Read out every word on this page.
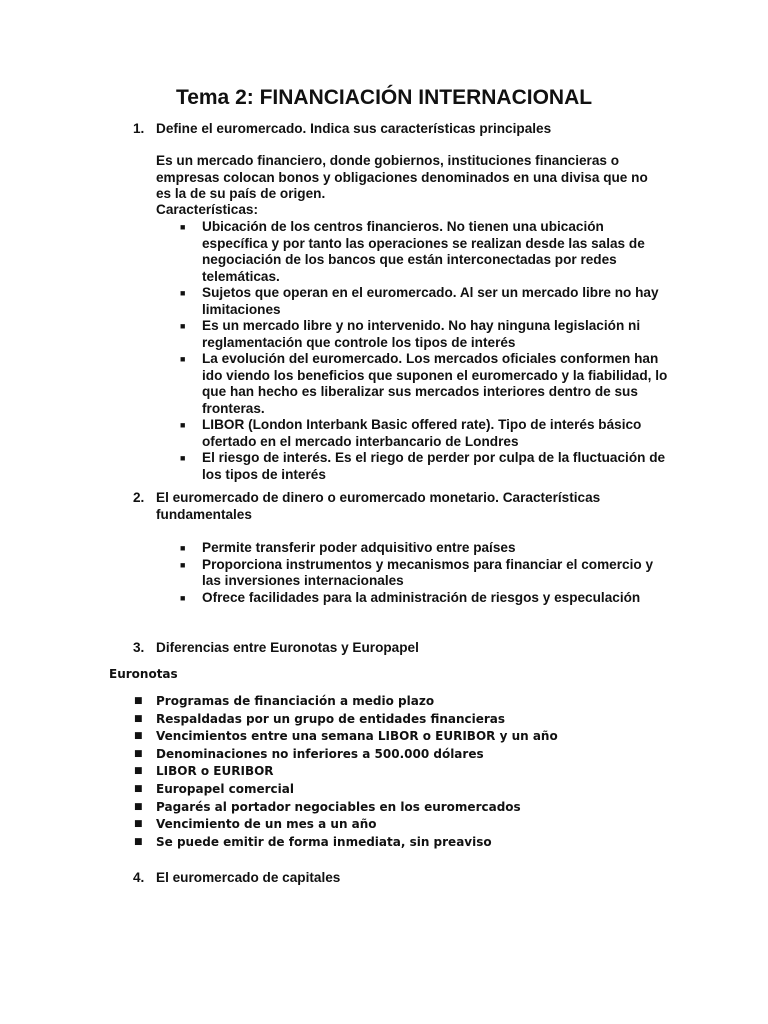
Tema 2: FINANCIACIÓN INTERNACIONAL
1. Define el euromercado. Indica sus características principales
Es un mercado financiero, donde gobiernos, instituciones financieras o empresas colocan bonos y obligaciones denominados en una divisa que no es la de su país de origen.
Características:
■ Ubicación de los centros financieros. No tienen una ubicación específica y por tanto las operaciones se realizan desde las salas de negociación de los bancos que están interconectadas por redes telemáticas.
■ Sujetos que operan en el euromercado. Al ser un mercado libre no hay limitaciones
■ Es un mercado libre y no intervenido. No hay ninguna legislación ni reglamentación que controle los tipos de interés
■ La evolución del euromercado. Los mercados oficiales conformen han ido viendo los beneficios que suponen el euromercado y la fiabilidad, lo que han hecho es liberalizar sus mercados interiores dentro de sus fronteras.
■ LIBOR (London Interbank Basic offered rate). Tipo de interés básico ofertado en el mercado interbancario de Londres
■ El riesgo de interés. Es el riego de perder por culpa de la fluctuación de los tipos de interés
2. El euromercado de dinero o euromercado monetario. Características fundamentales
■ Permite transferir poder adquisitivo entre países
■ Proporciona instrumentos y mecanismos para financiar el comercio y las inversiones internacionales
■ Ofrece facilidades para la administración de riesgos y especulación
3. Diferencias entre Euronotas y Europapel
Euronotas
■ Programas de financiación a medio plazo
■ Respaldadas por un grupo de entidades financieras
■ Vencimientos entre una semana LIBOR o EURIBOR y un año
■ Denominaciones no inferiores a 500.000 dólares
■ LIBOR o EURIBOR
■ Europapel comercial
■ Pagarés al portador negociables en los euromercados
■ Vencimiento de un mes a un año
■ Se puede emitir de forma inmediata, sin preaviso
4. El euromercado de capitales
